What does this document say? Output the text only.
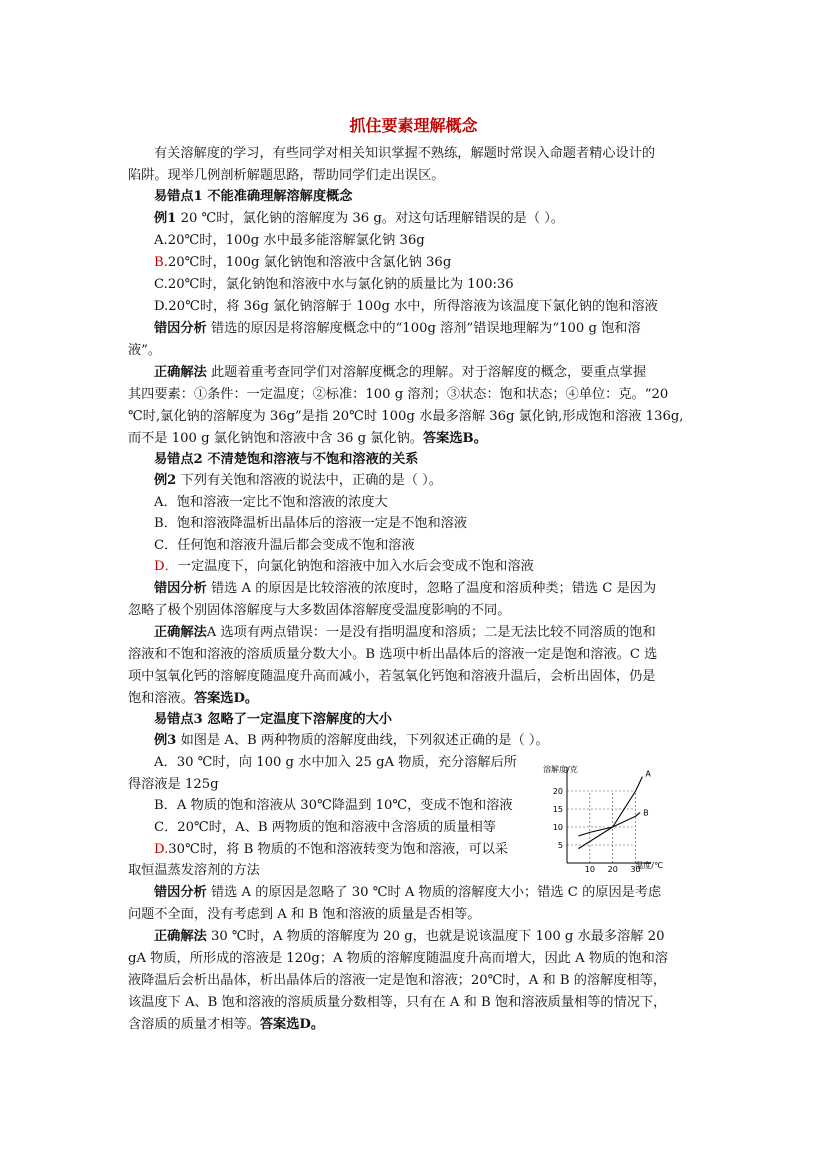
抓住要素理解概念
有关溶解度的学习，有些同学对相关知识掌握不熟练，解题时常误入命题者精心设计的
陷阱。现举几例剖析解题思路，帮助同学们走出误区。
易错点1 不能准确理解溶解度概念
例1 20 ℃时，氯化钠的溶解度为 36 g。对这句话理解错误的是（ ）。
A.20℃时，100g 水中最多能溶解氯化钠 36g
B.20℃时，100g 氯化钠饱和溶液中含氯化钠 36g
C.20℃时，氯化钠饱和溶液中水与氯化钠的质量比为 100:36
D.20℃时，将 36g 氯化钠溶解于 100g 水中，所得溶液为该温度下氯化钠的饱和溶液
错因分析 错选的原因是将溶解度概念中的“100g 溶剂”错误地理解为“100 g 饱和溶
液”。
正确解法 此题着重考查同学们对溶解度概念的理解。对于溶解度的概念，要重点掌握
其四要素：①条件：一定温度；②标准：100 g 溶剂；③状态：饱和状态；④单位：克。“20
℃时,氯化钠的溶解度为 36g”是指 20℃时 100g 水最多溶解 36g 氯化钠,形成饱和溶液 136g,
而不是 100 g 氯化钠饱和溶液中含 36 g 氯化钠。答案选B。
易错点2 不清楚饱和溶液与不饱和溶液的关系
例2 下列有关饱和溶液的说法中，正确的是（ ）。
A．饱和溶液一定比不饱和溶液的浓度大
B．饱和溶液降温析出晶体后的溶液一定是不饱和溶液
C．任何饱和溶液升温后都会变成不饱和溶液
D．一定温度下，向氯化钠饱和溶液中加入水后会变成不饱和溶液
错因分析 错选 A 的原因是比较溶液的浓度时，忽略了温度和溶质种类；错选 C 是因为
忽略了极个别固体溶解度与大多数固体溶解度受温度影响的不同。
正确解法A 选项有两点错误：一是没有指明温度和溶质；二是无法比较不同溶质的饱和
溶液和不饱和溶液的溶质质量分数大小。B 选项中析出晶体后的溶液一定是饱和溶液。C 选
项中氢氧化钙的溶解度随温度升高而减小，若氢氧化钙饱和溶液升温后，会析出固体，仍是
饱和溶液。答案选D。
易错点3 忽略了一定温度下溶解度的大小
例3 如图是 A、B 两种物质的溶解度曲线，下列叙述正确的是（ ）。
A．30 ℃时，向 100 g 水中加入 25 gA 物质，充分溶解后所
得溶液是 125g
B．A 物质的饱和溶液从 30℃降温到 10℃，变成不饱和溶液
C．20℃时，A、B 两物质的饱和溶液中含溶质的质量相等
D.30℃时，将 B 物质的不饱和溶液转变为饱和溶液，可以采
取恒温蒸发溶剂的方法
错因分析 错选 A 的原因是忽略了 30 ℃时 A 物质的溶解度大小；错选 C 的原因是考虑
问题不全面，没有考虑到 A 和 B 饱和溶液的质量是否相等。
正确解法 30 ℃时，A 物质的溶解度为 20 g，也就是说该温度下 100 g 水最多溶解 20
gA 物质，所形成的溶液是 120g；A 物质的溶解度随温度升高而增大，因此 A 物质的饱和溶
液降温后会析出晶体，析出晶体后的溶液一定是饱和溶液；20℃时，A 和 B 的溶解度相等，
该温度下 A、B 饱和溶液的溶质质量分数相等，只有在 A 和 B 饱和溶液质量相等的情况下，
含溶质的质量才相等。答案选D。
5
10
15
20
10 20 30
溶解度/克
温度/℃
A
B
